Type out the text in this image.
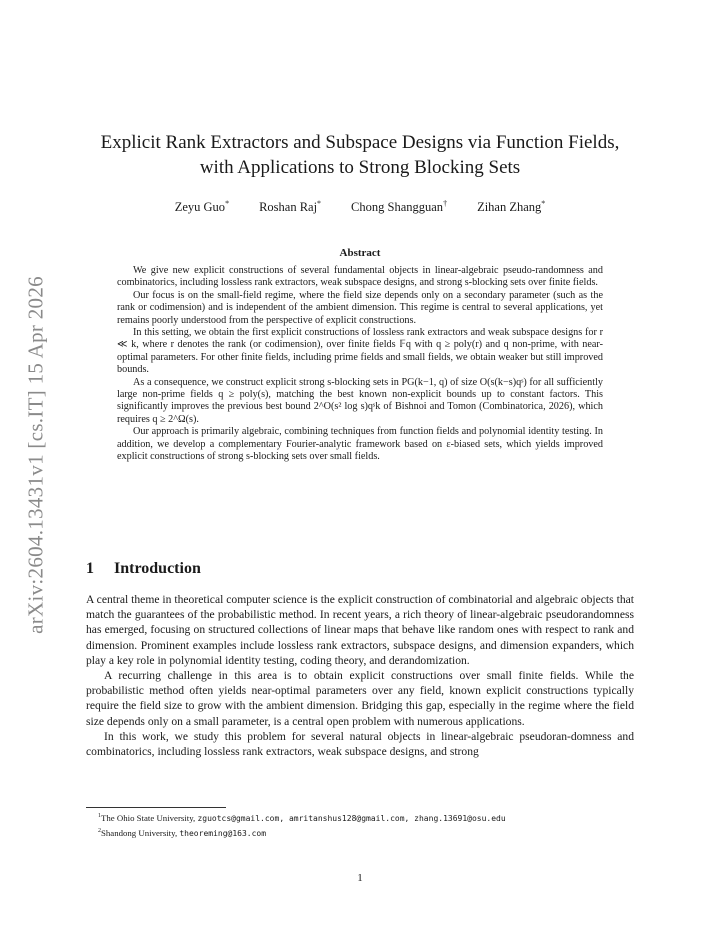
arXiv:2604.13431v1 [cs.IT] 15 Apr 2026
Explicit Rank Extractors and Subspace Designs via Function Fields, with Applications to Strong Blocking Sets
Zeyu Guo* Roshan Raj* Chong Shangguan† Zihan Zhang*
Abstract

We give new explicit constructions of several fundamental objects in linear-algebraic pseudo-randomness and combinatorics, including lossless rank extractors, weak subspace designs, and strong s-blocking sets over finite fields.

Our focus is on the small-field regime, where the field size depends only on a secondary parameter (such as the rank or codimension) and is independent of the ambient dimension. This regime is central to several applications, yet remains poorly understood from the perspective of explicit constructions.

In this setting, we obtain the first explicit constructions of lossless rank extractors and weak subspace designs for r ≪ k, where r denotes the rank (or codimension), over finite fields 𝔽q with q ≥ poly(r) and q non-prime, with near-optimal parameters. For other finite fields, including prime fields and small fields, we obtain weaker but still improved bounds.

As a consequence, we construct explicit strong s-blocking sets in PG(k−1, q) of size O(s(k−s)qˢ) for all sufficiently large non-prime fields q ≥ poly(s), matching the best known non-explicit bounds up to constant factors. This significantly improves the previous best bound 2^O(s² log s)qˢk of Bishnoi and Tomon (Combinatorica, 2026), which requires q ≥ 2^Ω(s).

Our approach is primarily algebraic, combining techniques from function fields and polynomial identity testing. In addition, we develop a complementary Fourier-analytic framework based on ε-biased sets, which yields improved explicit constructions of strong s-blocking sets over small fields.

1 Introduction

A central theme in theoretical computer science is the explicit construction of combinatorial and algebraic objects that match the guarantees of the probabilistic method. In recent years, a rich theory of linear-algebraic pseudorandomness has emerged, focusing on structured collections of linear maps that behave like random ones with respect to rank and dimension. Prominent examples include lossless rank extractors, subspace designs, and dimension expanders, which play a key role in polynomial identity testing, coding theory, and derandomization.

A recurring challenge in this area is to obtain explicit constructions over small finite fields. While the probabilistic method often yields near-optimal parameters over any field, known explicit constructions typically require the field size to grow with the ambient dimension. Bridging this gap, especially in the regime where the field size depends only on a small parameter, is a central open problem with numerous applications.

In this work, we study this problem for several natural objects in linear-algebraic pseudoran-domness and combinatorics, including lossless rank extractors, weak subspace designs, and strong

$^1$The Ohio State University, zguotcs@gmail.com, amritanshus128@gmail.com, zhang.13691@osu.edu
$^2$Shandong University, theoreming@163.com
1
